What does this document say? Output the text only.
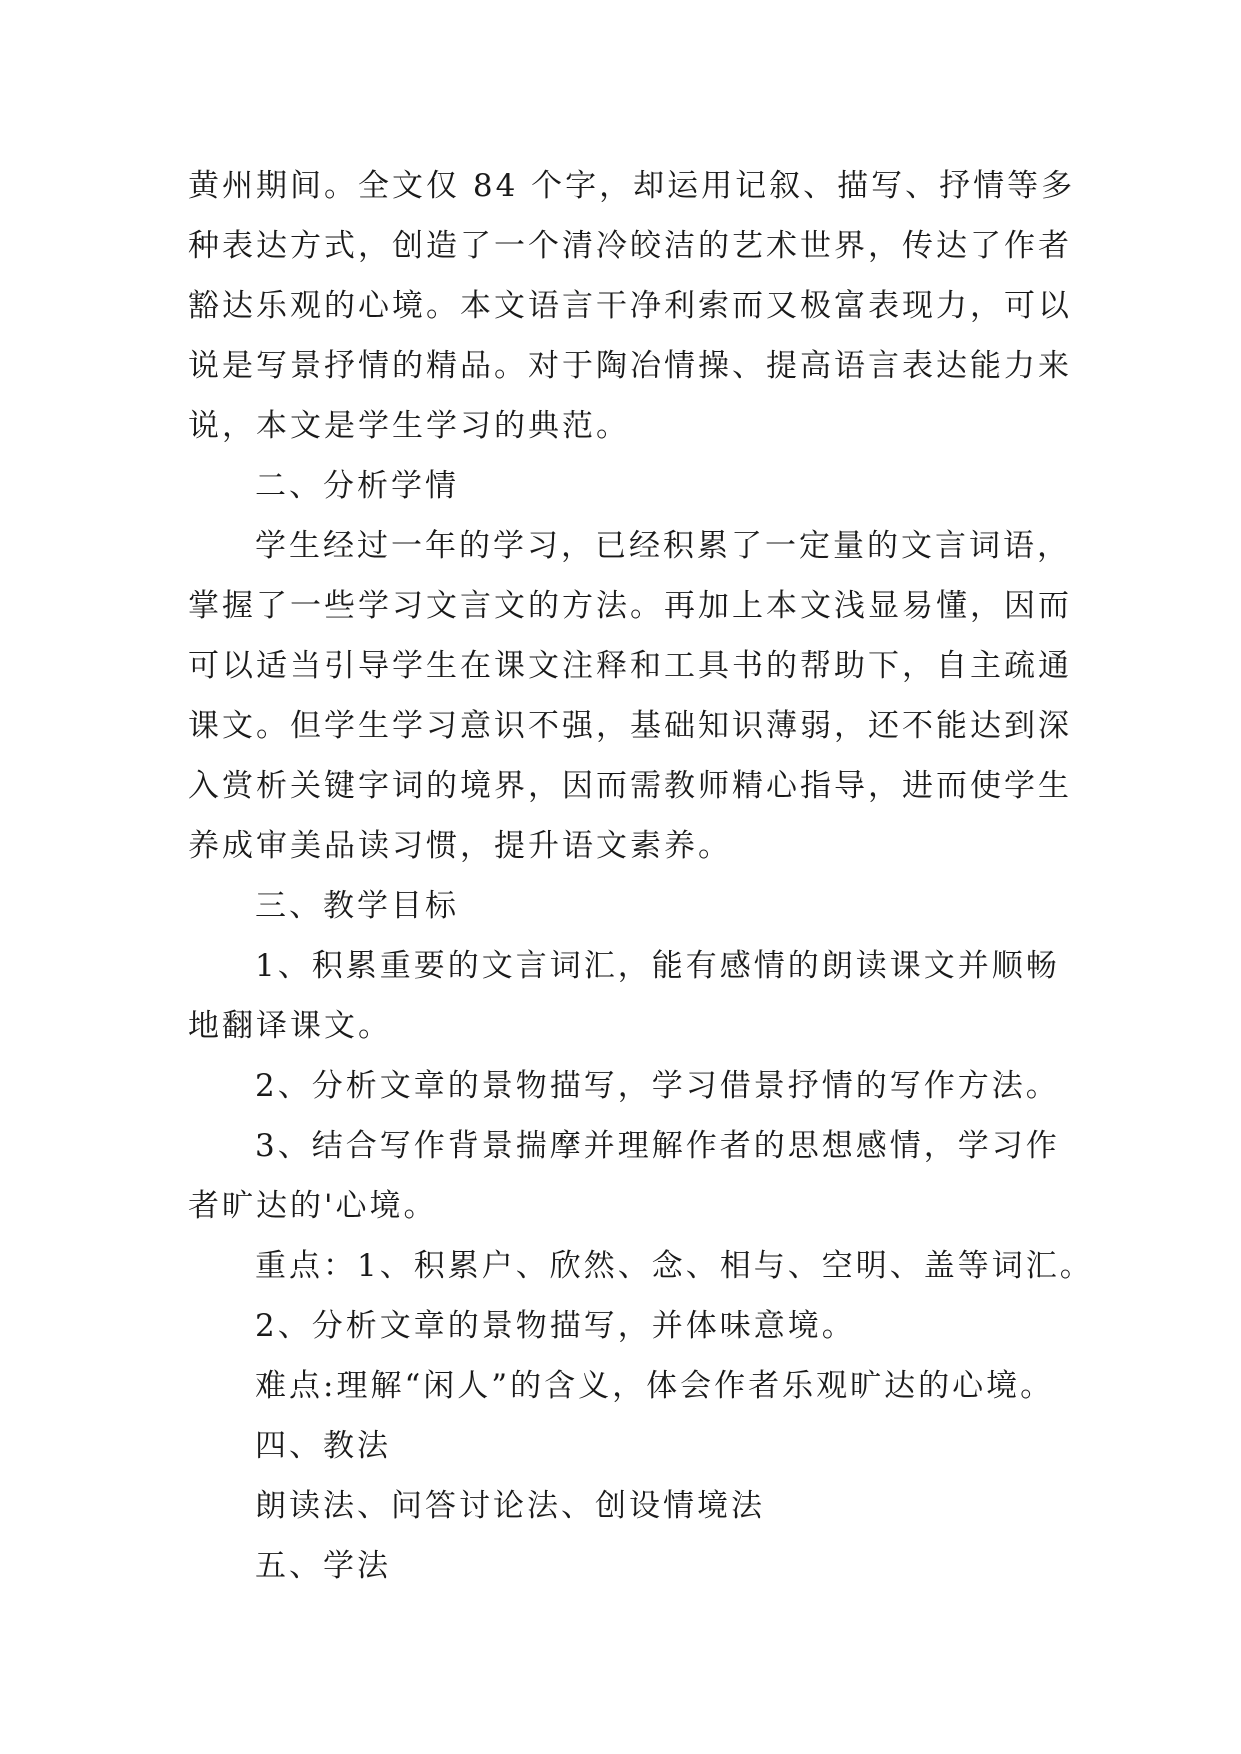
黄州期间。全文仅 84 个字，却运用记叙、描写、抒情等多
种表达方式，创造了一个清冷皎洁的艺术世界，传达了作者
豁达乐观的心境。本文语言干净利索而又极富表现力，可以
说是写景抒情的精品。对于陶冶情操、提高语言表达能力来
说，本文是学生学习的典范。
二、分析学情
学生经过一年的学习，已经积累了一定量的文言词语，
掌握了一些学习文言文的方法。再加上本文浅显易懂，因而
可以适当引导学生在课文注释和工具书的帮助下，自主疏通
课文。但学生学习意识不强，基础知识薄弱，还不能达到深
入赏析关键字词的境界，因而需教师精心指导，进而使学生
养成审美品读习惯，提升语文素养。
三、教学目标
1、积累重要的文言词汇，能有感情的朗读课文并顺畅
地翻译课文。
2、分析文章的景物描写，学习借景抒情的写作方法。
3、结合写作背景揣摩并理解作者的思想感情，学习作
者旷达的'心境。
重点：1、积累户、欣然、念、相与、空明、盖等词汇。
2、分析文章的景物描写，并体味意境。
难点:理解“闲人”的含义，体会作者乐观旷达的心境。
四、教法
朗读法、问答讨论法、创设情境法
五、学法
